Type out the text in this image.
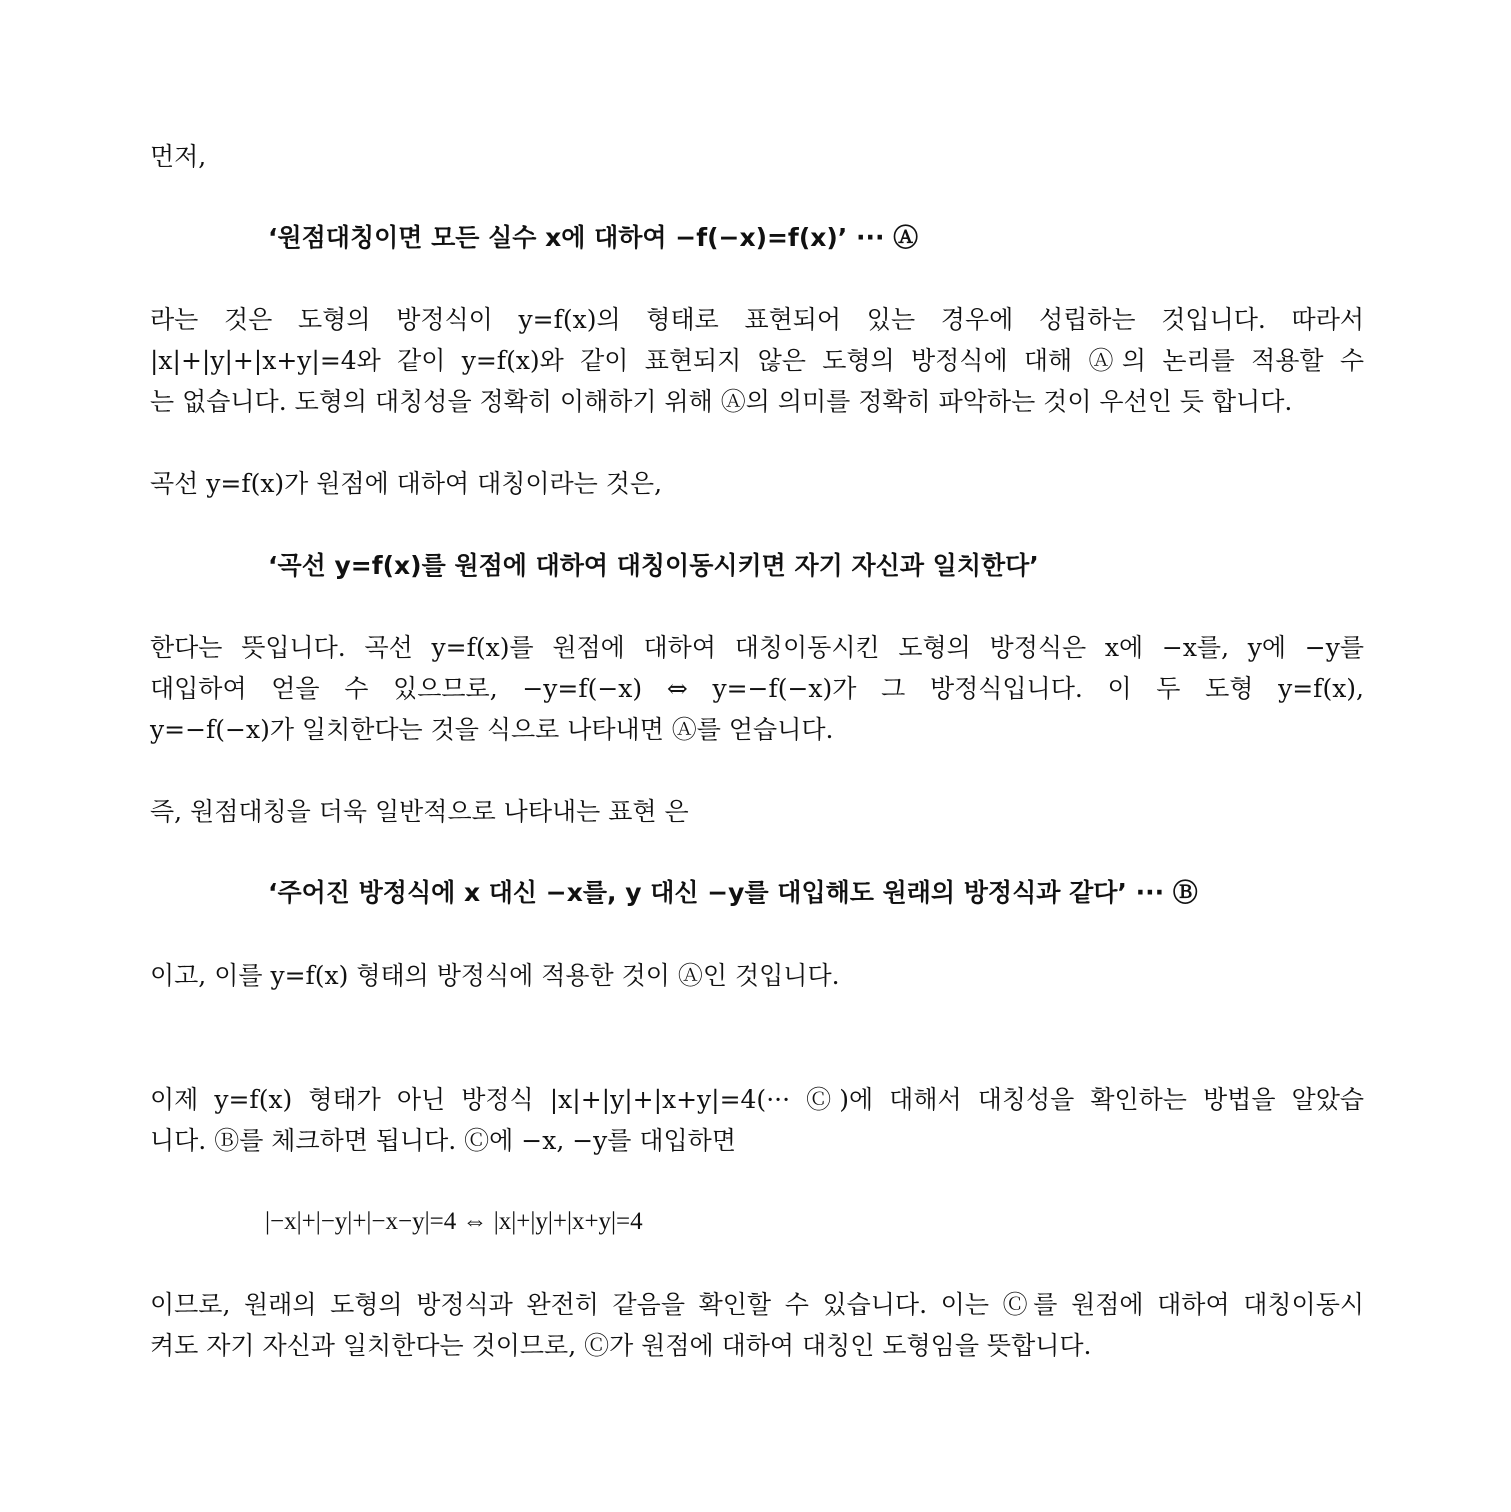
먼저,
‘원점대칭이면 모든 실수 x에 대하여 −f(−x)=f(x)’ ··· Ⓐ
라는 것은 도형의 방정식이 y=f(x)의 형태로 표현되어 있는 경우에 성립하는 것입니다. 따라서
|x|+|y|+|x+y|=4와 같이 y=f(x)와 같이 표현되지 않은 도형의 방정식에 대해 Ⓐ의 논리를 적용할 수
는 없습니다. 도형의 대칭성을 정확히 이해하기 위해 Ⓐ의 의미를 정확히 파악하는 것이 우선인 듯 합니다.
곡선 y=f(x)가 원점에 대하여 대칭이라는 것은,
‘곡선 y=f(x)를 원점에 대하여 대칭이동시키면 자기 자신과 일치한다’
한다는 뜻입니다. 곡선 y=f(x)를 원점에 대하여 대칭이동시킨 도형의 방정식은 x에 −x를, y에 −y를
대입하여 얻을 수 있으므로, −y=f(−x) ⇔ y=−f(−x)가 그 방정식입니다. 이 두 도형 y=f(x),
y=−f(−x)가 일치한다는 것을 식으로 나타내면 Ⓐ를 얻습니다.
즉, 원점대칭을 더욱 일반적으로 나타내는 표현 은
‘주어진 방정식에 x 대신 −x를, y 대신 −y를 대입해도 원래의 방정식과 같다’ ··· Ⓑ
이고, 이를 y=f(x) 형태의 방정식에 적용한 것이 Ⓐ인 것입니다.
이제 y=f(x) 형태가 아닌 방정식 |x|+|y|+|x+y|=4(··· Ⓒ)에 대해서 대칭성을 확인하는 방법을 알았습
니다. Ⓑ를 체크하면 됩니다. Ⓒ에 −x, −y를 대입하면
|−x|+|−y|+|−x−y|=4 ⇔ |x|+|y|+|x+y|=4
이므로, 원래의 도형의 방정식과 완전히 같음을 확인할 수 있습니다. 이는 Ⓒ를 원점에 대하여 대칭이동시
켜도 자기 자신과 일치한다는 것이므로, Ⓒ가 원점에 대하여 대칭인 도형임을 뜻합니다.
